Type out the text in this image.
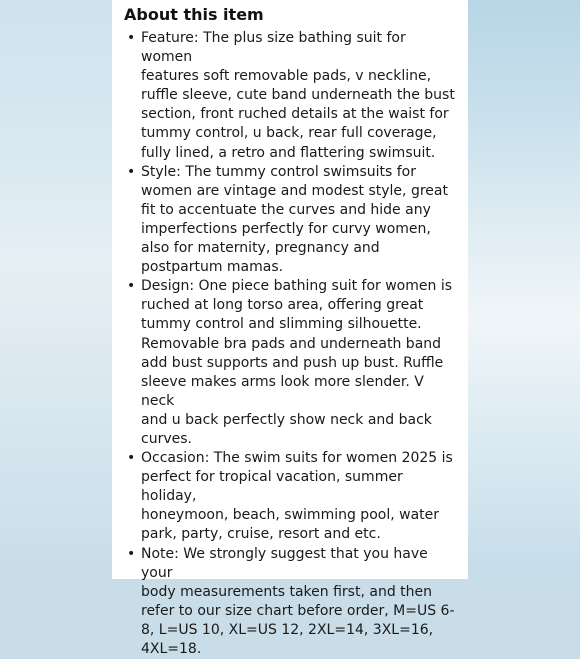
About this item
• Feature: The plus size bathing suit for women
features soft removable pads, v neckline,
ruffle sleeve, cute band underneath the bust
section, front ruched details at the waist for
tummy control, u back, rear full coverage,
fully lined, a retro and flattering swimsuit.
• Style: The tummy control swimsuits for
women are vintage and modest style, great
fit to accentuate the curves and hide any
imperfections perfectly for curvy women,
also for maternity, pregnancy and
postpartum mamas.
• Design: One piece bathing suit for women is
ruched at long torso area, offering great
tummy control and slimming silhouette.
Removable bra pads and underneath band
add bust supports and push up bust. Ruffle
sleeve makes arms look more slender. V neck
and u back perfectly show neck and back
curves.
• Occasion: The swim suits for women 2025 is
perfect for tropical vacation, summer holiday,
honeymoon, beach, swimming pool, water
park, party, cruise, resort and etc.
• Note: We strongly suggest that you have your
body measurements taken first, and then
refer to our size chart before order, M=US 6-
8, L=US 10, XL=US 12, 2XL=14, 3XL=16,
4XL=18.
